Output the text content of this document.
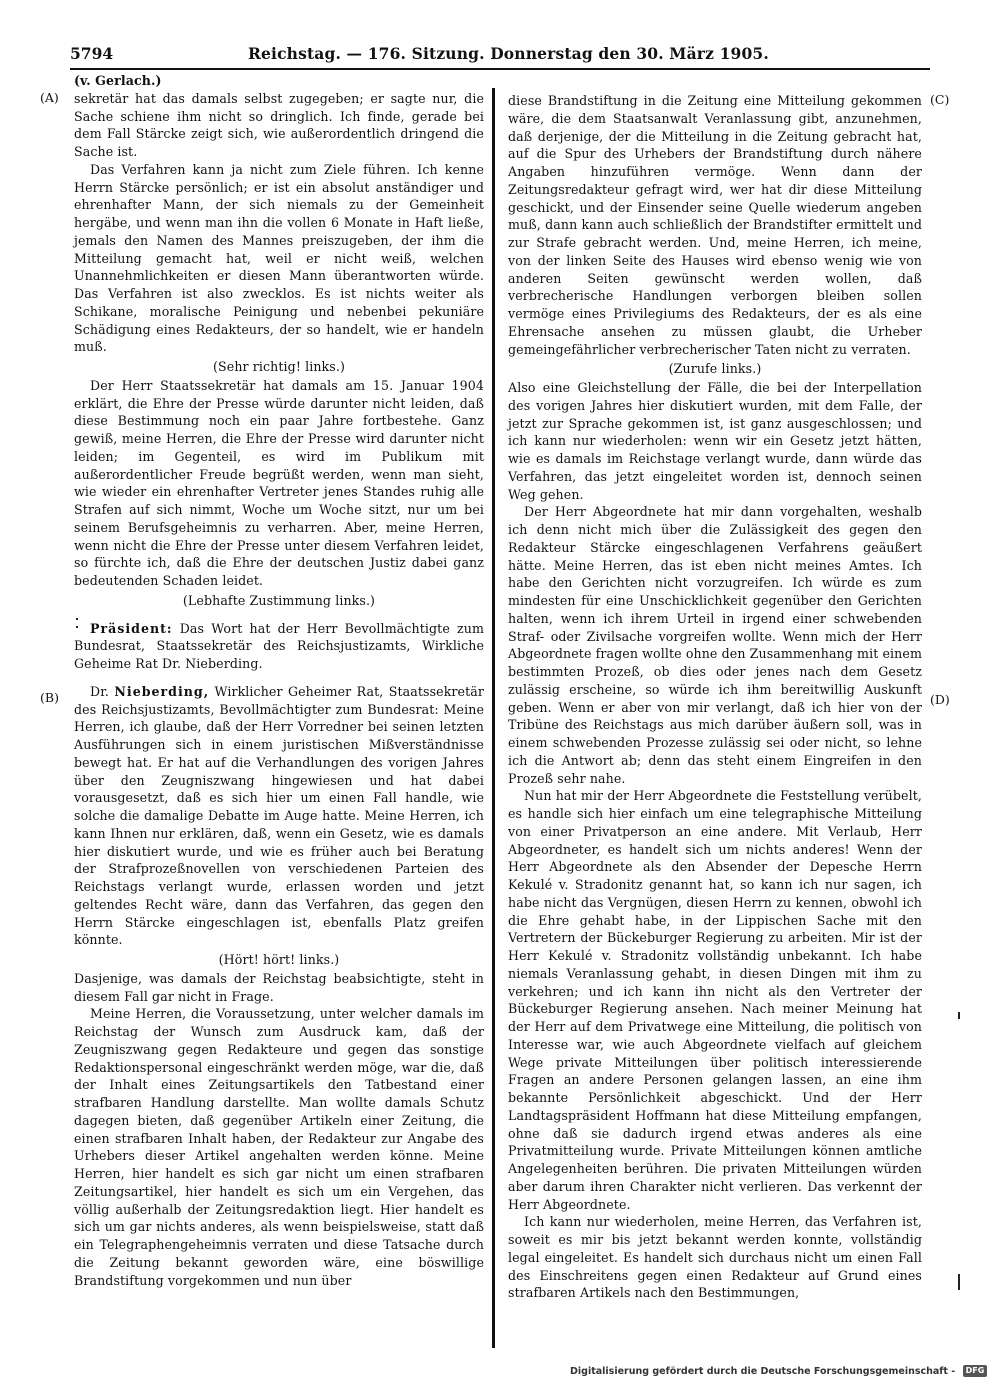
5794	Reichstag. — 176. Sitzung. Donnerstag den 30. März 1905.
(A)
(B)
(C)
(D)

(v. Gerlach.)

sekretär hat das damals selbst zugegeben; er sagte nur, die Sache schiene ihm nicht so dringlich. Ich finde, gerade bei dem Fall Stärcke zeigt sich, wie außerordentlich dringend die Sache ist.

Das Verfahren kann ja nicht zum Ziele führen. Ich kenne Herrn Stärcke persönlich; er ist ein absolut anständiger und ehrenhafter Mann, der sich niemals zu der Gemeinheit hergäbe, und wenn man ihn die vollen 6 Monate in Haft ließe, jemals den Namen des Mannes preiszugeben, der ihm die Mitteilung gemacht hat, weil er nicht weiß, welchen Unannehmlichkeiten er diesen Mann überantworten würde. Das Verfahren ist also zwecklos. Es ist nichts weiter als Schikane, moralische Peinigung und nebenbei pekuniäre Schädigung eines Redakteurs, der so handelt, wie er handeln muß.

(Sehr richtig! links.)

Der Herr Staatssekretär hat damals am 15. Januar 1904 erklärt, die Ehre der Presse würde darunter nicht leiden, daß diese Bestimmung noch ein paar Jahre fortbestehe. Ganz gewiß, meine Herren, die Ehre der Presse wird darunter nicht leiden; im Gegenteil, es wird im Publikum mit außerordentlicher Freude begrüßt werden, wenn man sieht, wie wieder ein ehrenhafter Vertreter jenes Standes ruhig alle Strafen auf sich nimmt, Woche um Woche sitzt, nur um bei seinem Berufsgeheimnis zu verharren. Aber, meine Herren, wenn nicht die Ehre der Presse unter diesem Verfahren leidet, so fürchte ich, daß die Ehre der deutschen Justiz dabei ganz bedeutenden Schaden leidet.

(Lebhafte Zustimmung links.)

Präsident: Das Wort hat der Herr Bevollmächtigte zum Bundesrat, Staatssekretär des Reichsjustizamts, Wirkliche Geheime Rat Dr. Nieberding.

Dr. Nieberding, Wirklicher Geheimer Rat, Staatssekretär des Reichsjustizamts, Bevollmächtigter zum Bundesrat: Meine Herren, ich glaube, daß der Herr Vorredner bei seinen letzten Ausführungen sich in einem juristischen Mißverständnisse bewegt hat. Er hat auf die Verhandlungen des vorigen Jahres über den Zeugniszwang hingewiesen und hat dabei vorausgesetzt, daß es sich hier um einen Fall handle, wie solche die damalige Debatte im Auge hatte. Meine Herren, ich kann Ihnen nur erklären, daß, wenn ein Gesetz, wie es damals hier diskutiert wurde, und wie es früher auch bei Beratung der Strafprozeßnovellen von verschiedenen Parteien des Reichstags verlangt wurde, erlassen worden und jetzt geltendes Recht wäre, dann das Verfahren, das gegen den Herrn Stärcke eingeschlagen ist, ebenfalls Platz greifen könnte.

(Hört! hört! links.)

Dasjenige, was damals der Reichstag beabsichtigte, steht in diesem Fall gar nicht in Frage.

Meine Herren, die Voraussetzung, unter welcher damals im Reichstag der Wunsch zum Ausdruck kam, daß der Zeugniszwang gegen Redakteure und gegen das sonstige Redaktionspersonal eingeschränkt werden möge, war die, daß der Inhalt eines Zeitungsartikels den Tatbestand einer strafbaren Handlung darstellte. Man wollte damals Schutz dagegen bieten, daß gegenüber Artikeln einer Zeitung, die einen strafbaren Inhalt haben, der Redakteur zur Angabe des Urhebers dieser Artikel angehalten werden könne. Meine Herren, hier handelt es sich gar nicht um einen strafbaren Zeitungsartikel, hier handelt es sich um ein Vergehen, das völlig außerhalb der Zeitungsredaktion liegt. Hier handelt es sich um gar nichts anderes, als wenn beispielsweise, statt daß ein Telegraphengeheimnis verraten und diese Tatsache durch die Zeitung bekannt geworden wäre, eine böswillige Brandstiftung vorgekommen und nun über

diese Brandstiftung in die Zeitung eine Mitteilung gekommen wäre, die dem Staatsanwalt Veranlassung gibt, anzunehmen, daß derjenige, der die Mitteilung in die Zeitung gebracht hat, auf die Spur des Urhebers der Brandstiftung durch nähere Angaben hinzuführen vermöge. Wenn dann der Zeitungsredakteur gefragt wird, wer hat dir diese Mitteilung geschickt, und der Einsender seine Quelle wiederum angeben muß, dann kann auch schließlich der Brandstifter ermittelt und zur Strafe gebracht werden. Und, meine Herren, ich meine, von der linken Seite des Hauses wird ebenso wenig wie von anderen Seiten gewünscht werden wollen, daß verbrecherische Handlungen verborgen bleiben sollen vermöge eines Privilegiums des Redakteurs, der es als eine Ehrensache ansehen zu müssen glaubt, die Urheber gemeingefährlicher verbrecherischer Taten nicht zu verraten.

(Zurufe links.)

Also eine Gleichstellung der Fälle, die bei der Interpellation des vorigen Jahres hier diskutiert wurden, mit dem Falle, der jetzt zur Sprache gekommen ist, ist ganz ausgeschlossen; und ich kann nur wiederholen: wenn wir ein Gesetz jetzt hätten, wie es damals im Reichstage verlangt wurde, dann würde das Verfahren, das jetzt eingeleitet worden ist, dennoch seinen Weg gehen.

Der Herr Abgeordnete hat mir dann vorgehalten, weshalb ich denn nicht mich über die Zulässigkeit des gegen den Redakteur Stärcke eingeschlagenen Verfahrens geäußert hätte. Meine Herren, das ist eben nicht meines Amtes. Ich habe den Gerichten nicht vorzugreifen. Ich würde es zum mindesten für eine Unschicklichkeit gegenüber den Gerichten halten, wenn ich ihrem Urteil in irgend einer schwebenden Straf- oder Zivilsache vorgreifen wollte. Wenn mich der Herr Abgeordnete fragen wollte ohne den Zusammenhang mit einem bestimmten Prozeß, ob dies oder jenes nach dem Gesetz zulässig erscheine, so würde ich ihm bereitwillig Auskunft geben. Wenn er aber von mir verlangt, daß ich hier von der Tribüne des Reichstags aus mich darüber äußern soll, was in einem schwebenden Prozesse zulässig sei oder nicht, so lehne ich die Antwort ab; denn das steht einem Eingreifen in den Prozeß sehr nahe.

Nun hat mir der Herr Abgeordnete die Feststellung verübelt, es handle sich hier einfach um eine telegraphische Mitteilung von einer Privatperson an eine andere. Mit Verlaub, Herr Abgeordneter, es handelt sich um nichts anderes! Wenn der Herr Abgeordnete als den Absender der Depesche Herrn Kekulé v. Stradonitz genannt hat, so kann ich nur sagen, ich habe nicht das Vergnügen, diesen Herrn zu kennen, obwohl ich die Ehre gehabt habe, in der Lippischen Sache mit den Vertretern der Bückeburger Regierung zu arbeiten. Mir ist der Herr Kekulé v. Stradonitz vollständig unbekannt. Ich habe niemals Veranlassung gehabt, in diesen Dingen mit ihm zu verkehren; und ich kann ihn nicht als den Vertreter der Bückeburger Regierung ansehen. Nach meiner Meinung hat der Herr auf dem Privatwege eine Mitteilung, die politisch von Interesse war, wie auch Abgeordnete vielfach auf gleichem Wege private Mitteilungen über politisch interessierende Fragen an andere Personen gelangen lassen, an eine ihm bekannte Persönlichkeit abgeschickt. Und der Herr Landtagspräsident Hoffmann hat diese Mitteilung empfangen, ohne daß sie dadurch irgend etwas anderes als eine Privatmitteilung wurde. Private Mitteilungen können amtliche Angelegenheiten berühren. Die privaten Mitteilungen würden aber darum ihren Charakter nicht verlieren. Das verkennt der Herr Abgeordnete.

Ich kann nur wiederholen, meine Herren, das Verfahren ist, soweit es mir bis jetzt bekannt werden konnte, vollständig legal eingeleitet. Es handelt sich durchaus nicht um einen Fall des Einschreitens gegen einen Redakteur auf Grund eines strafbaren Artikels nach den Bestimmungen,

Digitalisierung gefördert durch die Deutsche Forschungsgemeinschaft -	DFG
